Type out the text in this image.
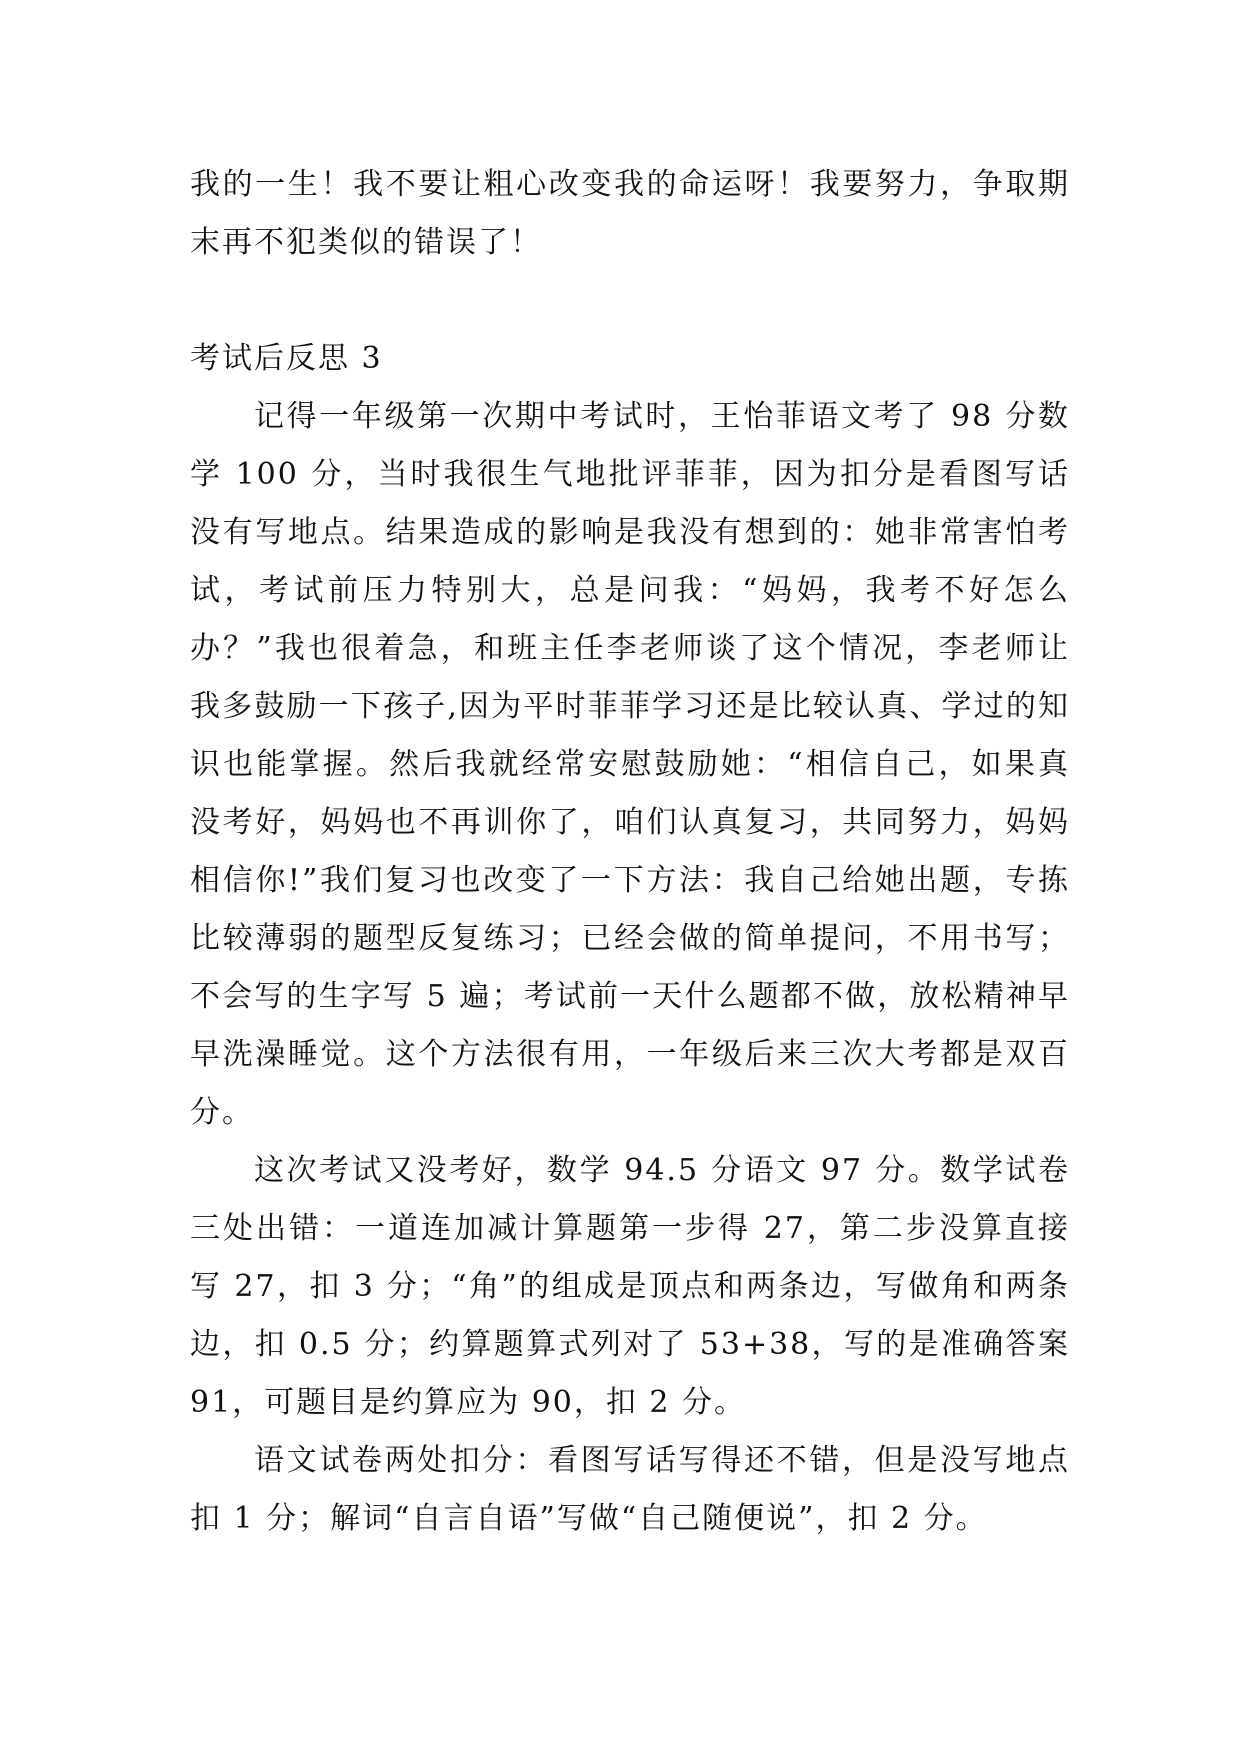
我的一生！我不要让粗心改变我的命运呀！我要努力，争取期末再不犯类似的错误了！

考试后反思 3

记得一年级第一次期中考试时，王怡菲语文考了 98 分数学 100 分，当时我很生气地批评菲菲，因为扣分是看图写话没有写地点。结果造成的影响是我没有想到的：她非常害怕考试，考试前压力特别大，总是问我：“妈妈，我考不好怎么办？”我也很着急，和班主任李老师谈了这个情况，李老师让我多鼓励一下孩子,因为平时菲菲学习还是比较认真、学过的知识也能掌握。然后我就经常安慰鼓励她：“相信自己，如果真没考好，妈妈也不再训你了，咱们认真复习，共同努力，妈妈相信你!”我们复习也改变了一下方法：我自己给她出题，专拣比较薄弱的题型反复练习；已经会做的简单提问，不用书写；不会写的生字写 5 遍；考试前一天什么题都不做，放松精神早早洗澡睡觉。这个方法很有用，一年级后来三次大考都是双百分。

这次考试又没考好，数学 94.5 分语文 97 分。数学试卷三处出错：一道连加减计算题第一步得 27，第二步没算直接写 27，扣 3 分；“角”的组成是顶点和两条边，写做角和两条边，扣 0.5 分；约算题算式列对了 53+38，写的是准确答案 91，可题目是约算应为 90，扣 2 分。

语文试卷两处扣分：看图写话写得还不错，但是没写地点扣 1 分；解词“自言自语”写做“自己随便说”，扣 2 分。
